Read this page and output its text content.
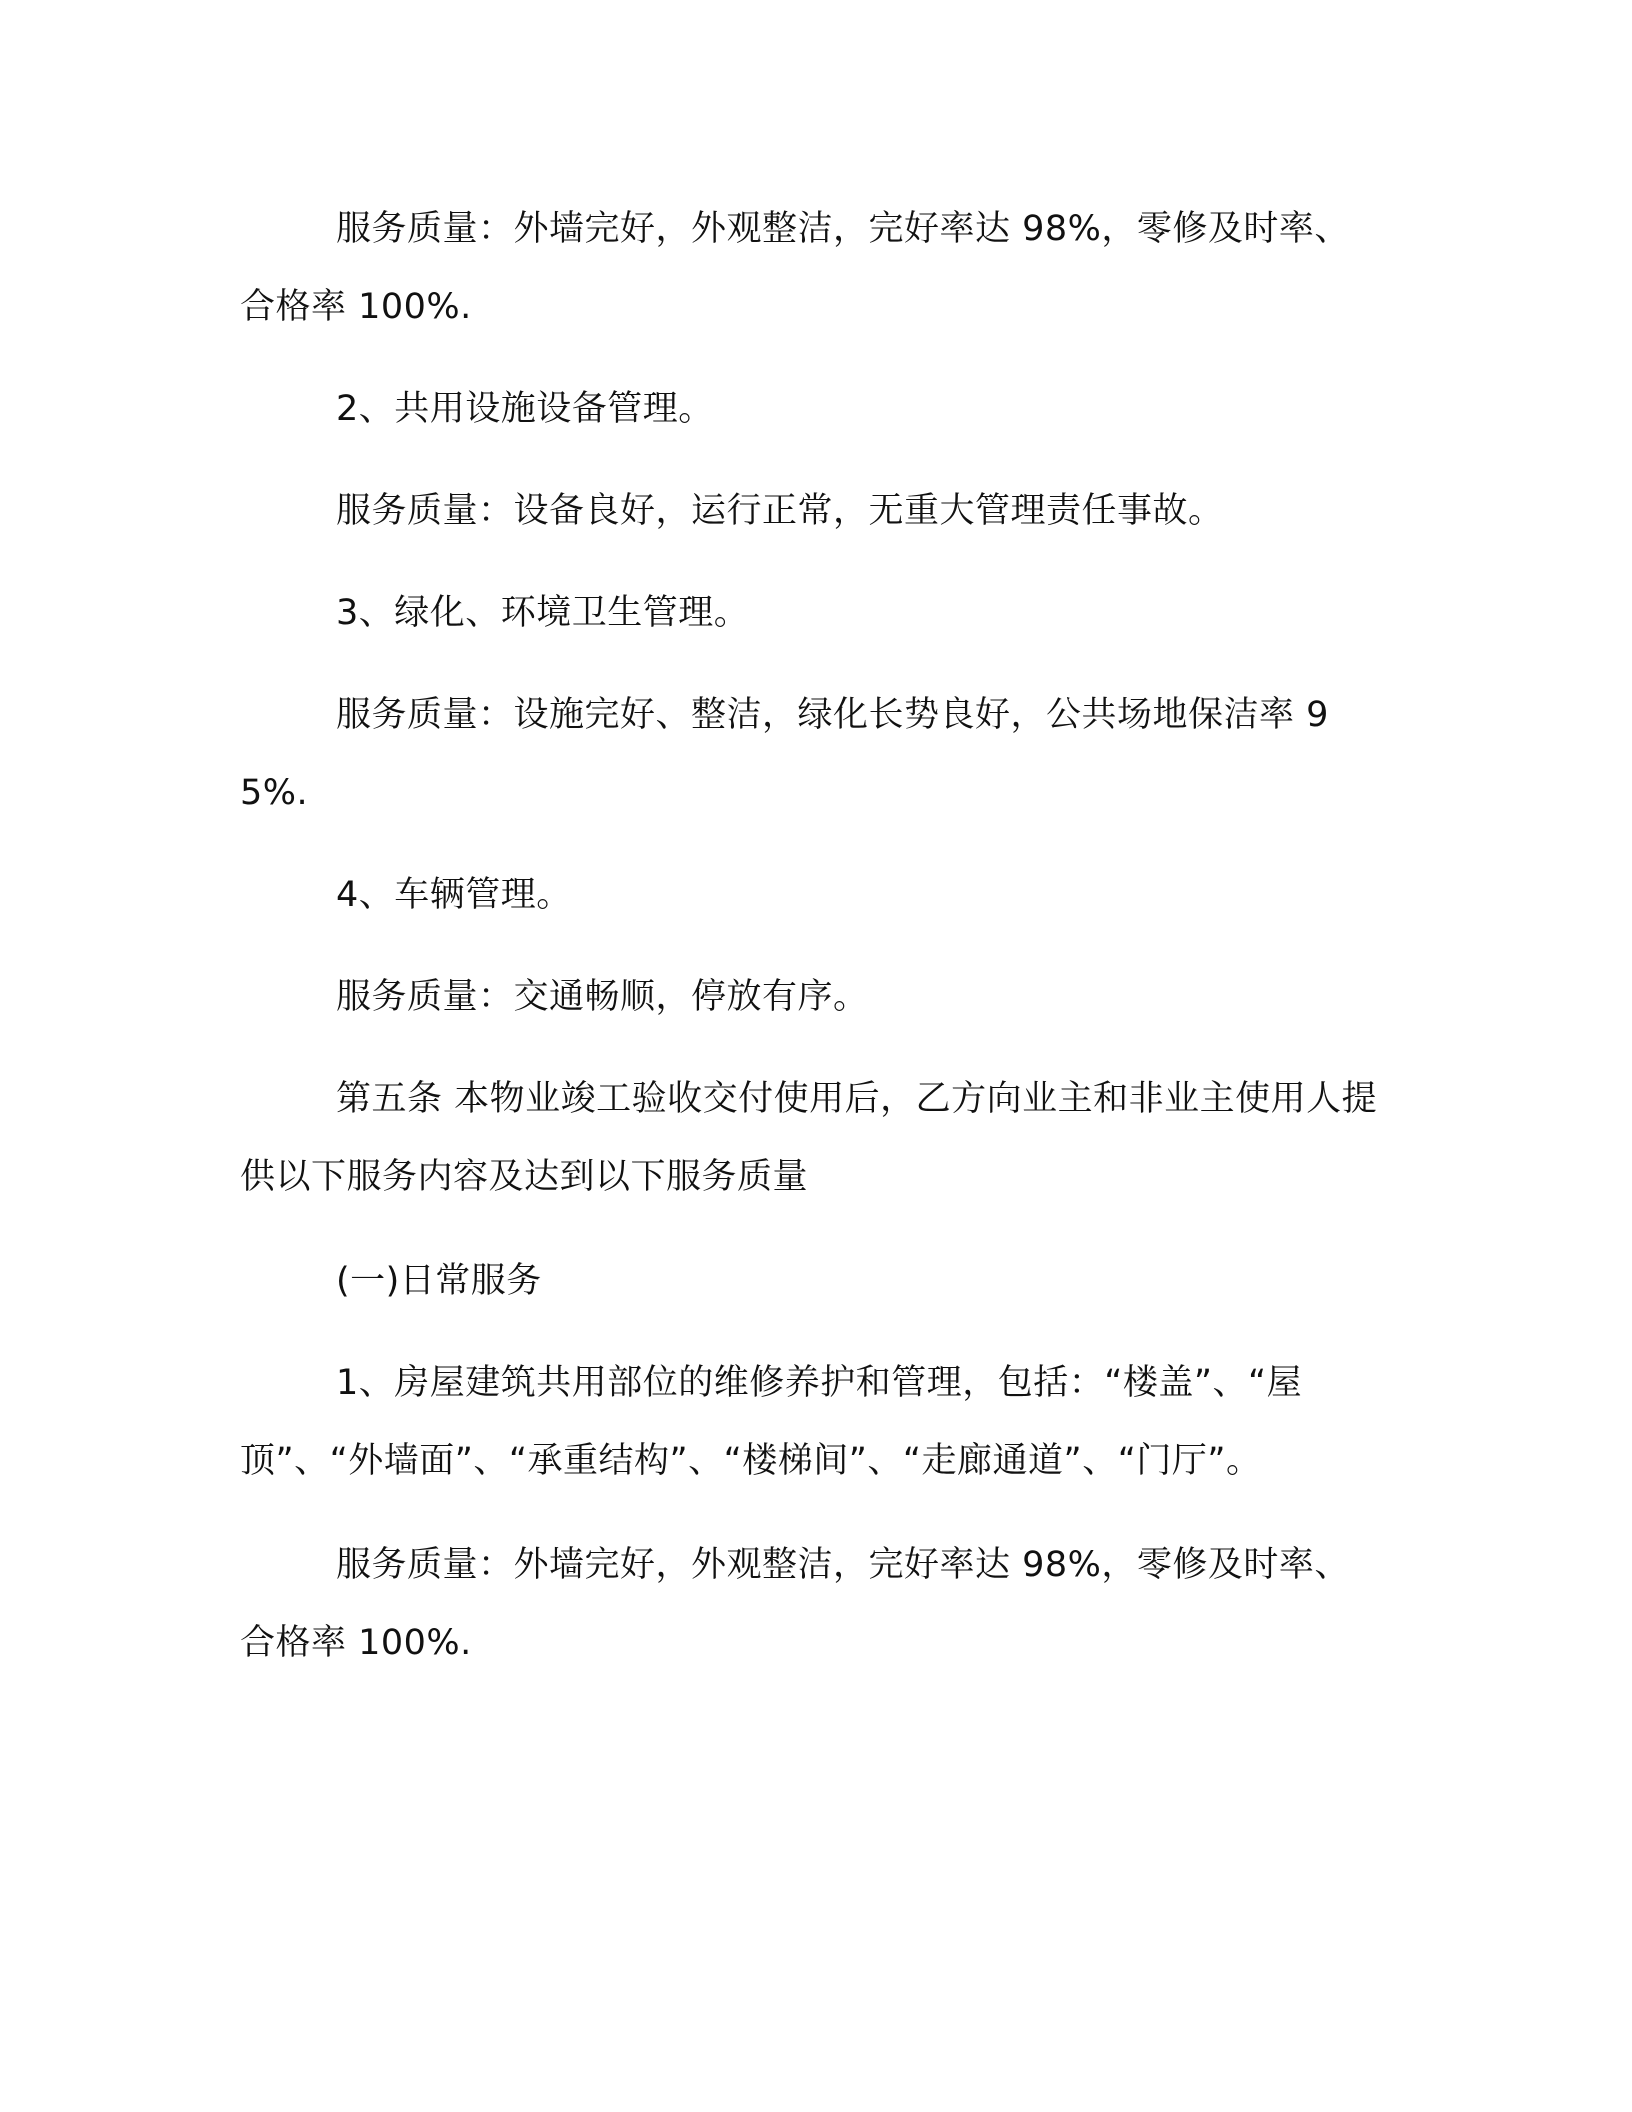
服务质量：外墙完好，外观整洁，完好率达 98%，零修及时率、合格率 100%.

2、共用设施设备管理。

服务质量：设备良好，运行正常，无重大管理责任事故。

3、绿化、环境卫生管理。

服务质量：设施完好、整洁，绿化长势良好，公共场地保洁率 95%.

4、车辆管理。

服务质量：交通畅顺，停放有序。

第五条 本物业竣工验收交付使用后，乙方向业主和非业主使用人提供以下服务内容及达到以下服务质量

(一)日常服务

1、房屋建筑共用部位的维修养护和管理，包括：“楼盖”、“屋顶”、“外墙面”、“承重结构”、“楼梯间”、“走廊通道”、“门厅”。

服务质量：外墙完好，外观整洁，完好率达 98%，零修及时率、合格率 100%.
